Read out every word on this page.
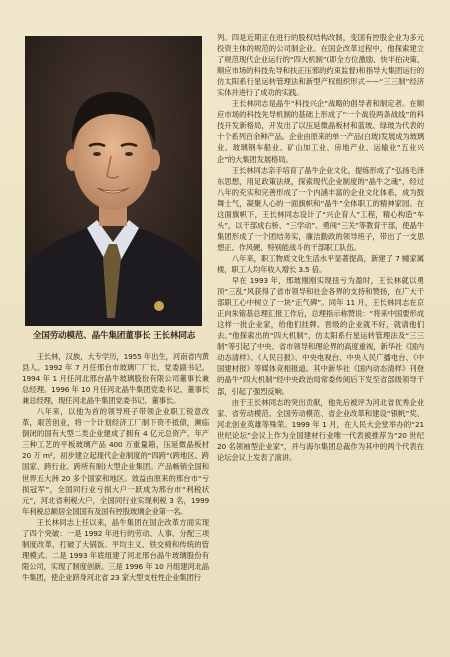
全国劳动模范、晶牛集团董事长 王长林同志

王长林，汉族，大专学历，1955 年出生，河南省内黄县人。1992 年 7 月任邢台市玻璃厂厂长、党委副书记。1994 年 1 月任河北邢台晶牛玻璃股份有限公司董事长兼总经理。1996 年 10 月任河北晶牛集团党委书记、董事长兼总经理，现任河北晶牛集团党委书记、董事长。

八年来，以他为首的领导班子带领企业职工锐意改革，艰苦创业，将一个计划经济工厂制下资不抵债，濒临倒闭的国有大型二类企业建成了拥有 4 亿元总资产、年产三种工艺的平板玻璃产品 400 万重量箱，压延微晶板材 20 万 m²，初步建立起现代企业制度的“四跨”(跨地区、跨国家、跨行业、跨所有制)大型企业集团。产品畅销全国和世界五大洲 20 多个国家和地区。效益由原来的邢台市“亏损冠军”，全国同行业亏损大户一跃成为邢台市“利税状元”，河北省利税大户，全国同行业实现利税 3 名，1999 年利税总额居全国国有及国有控股玻璃企业第一名。

王长林同志上任以来，晶牛集团在国企改革方面实现了四个突破：一是 1992 年进行的劳动、人事、分配三项制度改革，打破了大锅饭、平均主义、铁交椅和传统的管理模式。二是 1993 年底组建了河北邢台晶牛玻璃股份有限公司，实现了制度创新。三是 1996 年 10 月组建河北晶牛集团，使企业跻身河北省 23 家大型支柱性企业集团行

列。四是近期正在进行的股权结构改制，变国有控股企业为多元投资主体的规范的公司制企业。在国企改革过程中，他探索建立了规范现代企业运行的“四大机制”(即全方位激励、快半拍决策、顺应市场的科技先导和扶正压邪的约束监督)和指导大集团运行的仿太阳系行星运转管理法和新型产权组织形式——“三三制”经济实体并进行了成功的实践。

王长林同志是晶牛“科技兴企”战略的倡导者和制定者。在顺应市场的科技先导机制的基础上形成了“一个战役两条战线”的科技开发新格局，开发出了以压延微晶板材和蓝玻、绿玻为代表的十个系列百余种产品。企业由原来的单一产品(白玻)发展成为玻璃业、玻璃钢车船业、矿山加工业、房地产业、运输业“五业兴企”的大集团发展格局。

王长林同志亲手培育了晶牛企业文化，提炼形成了“弘扬毛泽东思想，用足政策法规，探索现代企业制度的“晶牛之魂”，经过八年的充实和完善形成了一个内涵丰富的企业文化体系，成为鼓舞士气，凝聚人心的一面旗帜和“晶牛”全体职工的精神家园。在这面旗帜下，王长林同志设计了“兴企育人”工程，精心构造“车头”，以干部成右桥、“三学动”、勇闯“三关”等教育干部，使晶牛集团形成了一个团结务实，廉洁勤政的领导班子，带出了一支思想正、作风硬、特别能战斗的干部职工队伍。

八年来，职工物质文化生活水平显著提高，新建了 7 幢家属楼，职工人均年收入增长 3.5 倍。

早在 1993 年，邢玻刚刚实现扭亏为盈时，王长林就以勇顶“三乱”风获得了省市领导和社会各界的支持和赞扬，在广大干部职工心中树立了一块“正气碑”。同年 11 月，王长林同志在京正向朱镕基总理汇报工作后，总理指示称赞说：“将来中国要形成这样一批企业家，给他们挂牌。晋级的企业就不好，就请他们去。”他探索出的“四大机制”、仿太阳系行星运转管理法及“三三制”等引起了中央、省市领导和理论界的高度重视，新华社《国内动态清样》、《人民日报》、中央电视台、中央人民广播电台、《中国建材报》等媒体竞相报道。其中新华社《国内动态清样》刊登的晶牛“四大机制”经中央政治局常委传阅后下发至省部级领导干部，引起了强烈反响。

由于王长林同志的突出贡献，他先后被评为河北省优秀企业家、省劳动模范、全国劳动模范、省企业改革和建设“银帆”奖、河北创业英雄等殊荣。1999 年 1 月，在人民大会堂举办的“21 世纪论坛”会议上作为全国建材行业唯一代表被推荐为“20 世纪 20 名领袖型企业家”，并与海尔集团总裁作为其中的两个代表在论坛会议上发表了演讲。
